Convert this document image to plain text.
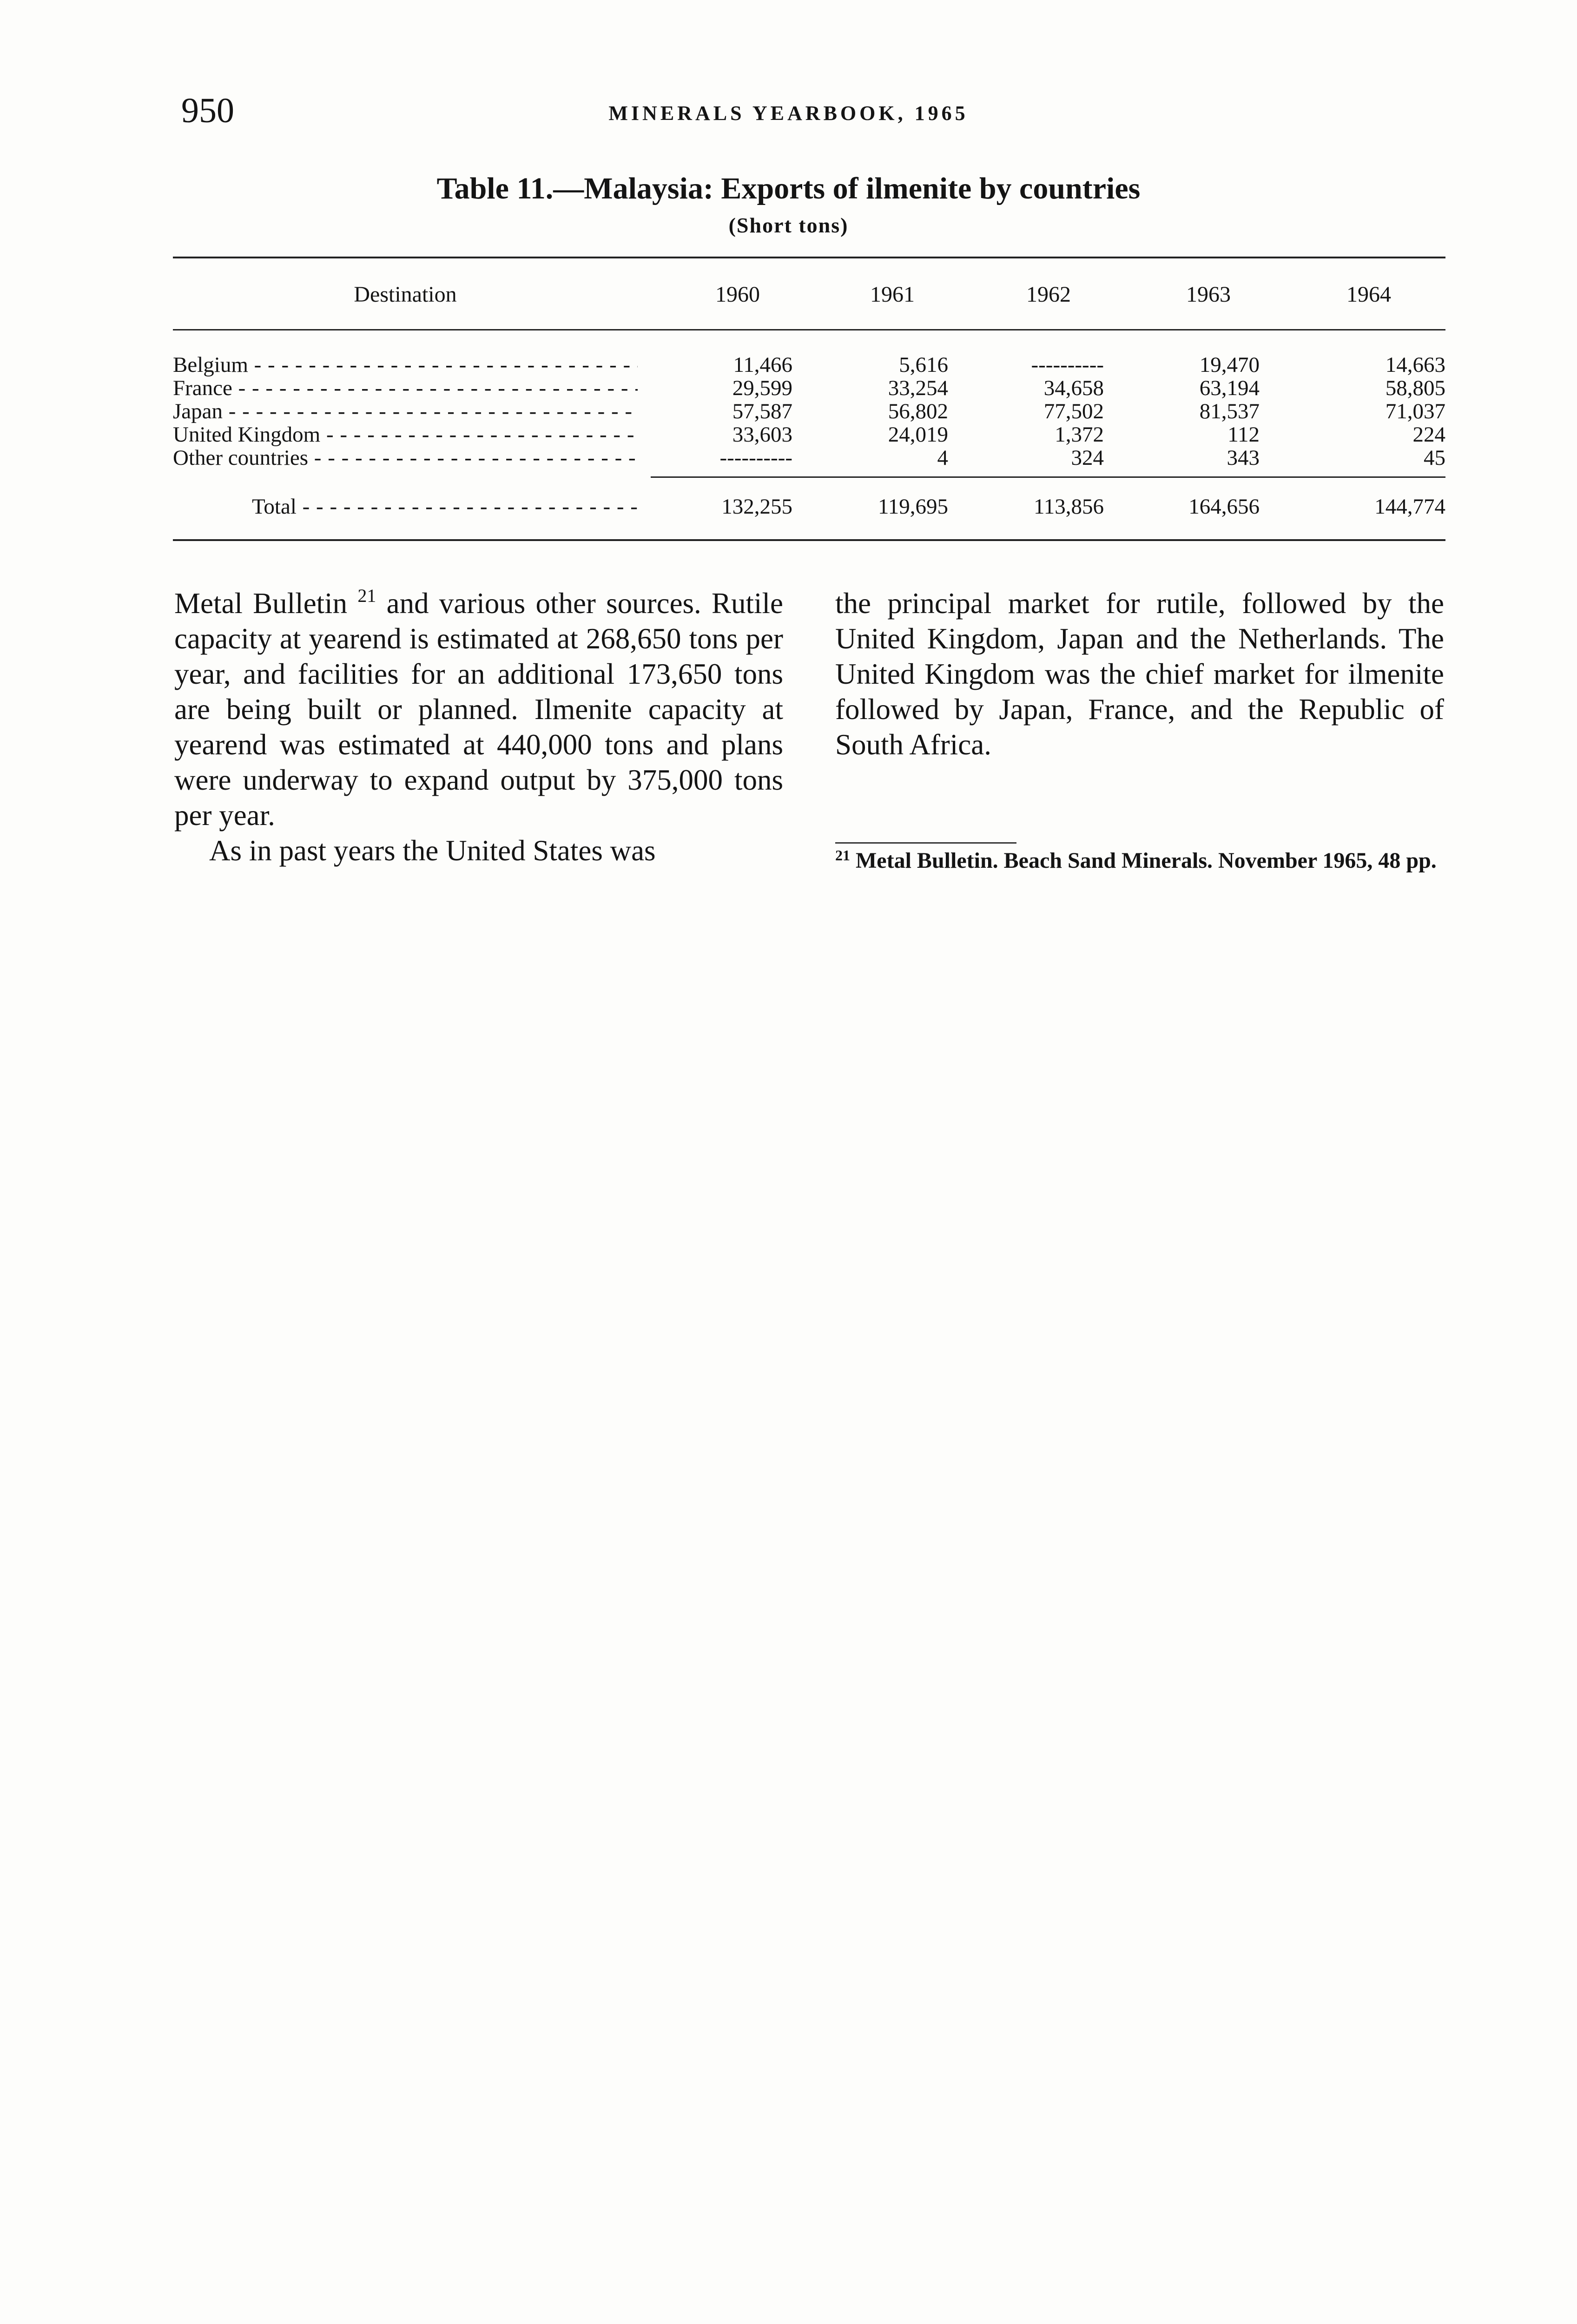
950	MINERALS YEARBOOK, 1965
Table 11.—Malaysia: Exports of ilmenite by countries
(Short tons)
Destination	1960	1961	1962	1963	1964
Belgium - - -	11,466	5,616	----------	19,470	14,663
France - - -	29,599	33,254	34,658	63,194	58,805
Japan - - -	57,587	56,802	77,502	81,537	71,037
United Kingdom - - -	33,603	24,019	1,372	112	224
Other countries - - -	----------	4	324	343	45
Total - - -	132,255	119,695	113,856	164,656	144,774

Metal Bulletin $^{21}$ and various other sources. Rutile capacity at yearend is estimated at 268,650 tons per year, and facilities for an additional 173,650 tons are being built or planned. Ilmenite capacity at yearend was estimated at 440,000 tons and plans were underway to expand output by 375,000 tons per year.

As in past years the United States was

the principal market for rutile, followed by the United Kingdom, Japan and the Netherlands. The United Kingdom was the chief market for ilmenite followed by Japan, France, and the Republic of South Africa.

$^{21}$ Metal Bulletin. Beach Sand Minerals. November 1965, 48 pp.
